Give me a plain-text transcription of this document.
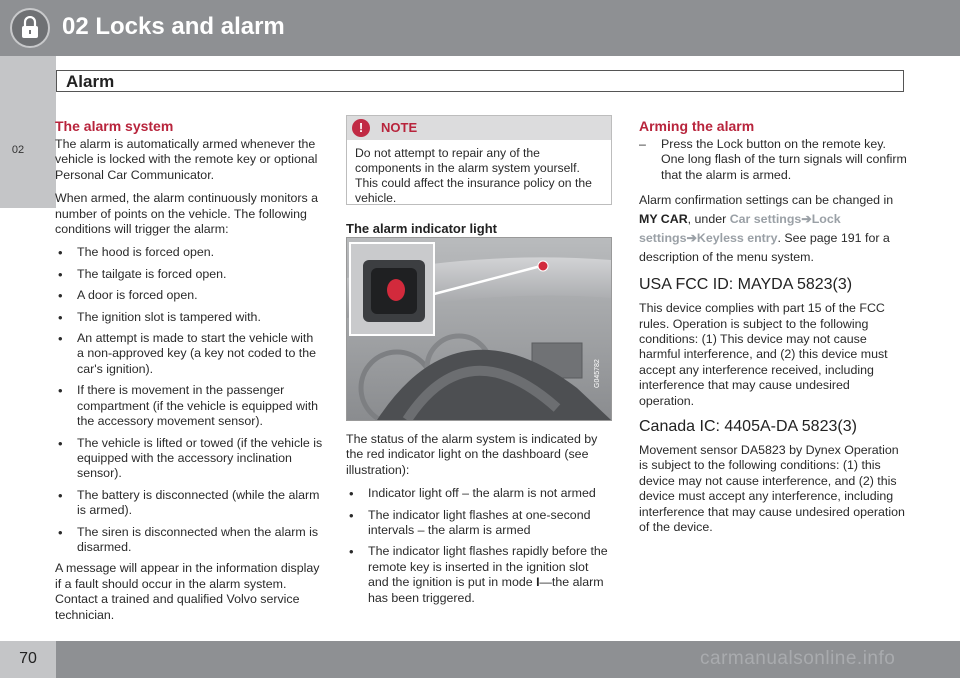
02 Locks and alarm
02
Alarm
The alarm system

The alarm is automatically armed whenever the vehicle is locked with the remote key or optional Personal Car Communicator.

When armed, the alarm continuously monitors a number of points on the vehicle. The following conditions will trigger the alarm:

• The hood is forced open.
• The tailgate is forced open.
• A door is forced open.
• The ignition slot is tampered with.
• An attempt is made to start the vehicle with a non-approved key (a key not coded to the car's ignition).
• If there is movement in the passenger compartment (if the vehicle is equipped with the accessory movement sensor).
• The vehicle is lifted or towed (if the vehicle is equipped with the accessory inclination sensor).
• The battery is disconnected (while the alarm is armed).
• The siren is disconnected when the alarm is disarmed.

A message will appear in the information display if a fault should occur in the alarm system. Contact a trained and qualified Volvo service technician.

!	NOTE
Do not attempt to repair any of the components in the alarm system yourself. This could affect the insurance policy on the vehicle.
The alarm indicator light
G045782

The status of the alarm system is indicated by the red indicator light on the dashboard (see illustration):

• Indicator light off – the alarm is not armed
• The indicator light flashes at one-second intervals – the alarm is armed
• The indicator light flashes rapidly before the remote key is inserted in the ignition slot and the ignition is put in mode I—the alarm has been triggered.
Arming the alarm
– Press the Lock button on the remote key. One long flash of the turn signals will confirm that the alarm is armed.

Alarm confirmation settings can be changed in MY CAR, under Car settings➔Lock settings➔Keyless entry. See page 191 for a description of the menu system.

USA FCC ID: MAYDA 5823(3)

This device complies with part 15 of the FCC rules. Operation is subject to the following conditions: (1) This device may not cause harmful interference, and (2) this device must accept any interference received, including interference that may cause undesired operation.

Canada IC: 4405A-DA 5823(3)

Movement sensor DA5823 by Dynex Operation is subject to the following conditions: (1) this device may not cause interference, and (2) this device must accept any interference, including interference that may cause undesired operation of the device.

70	carmanualsonline.info
